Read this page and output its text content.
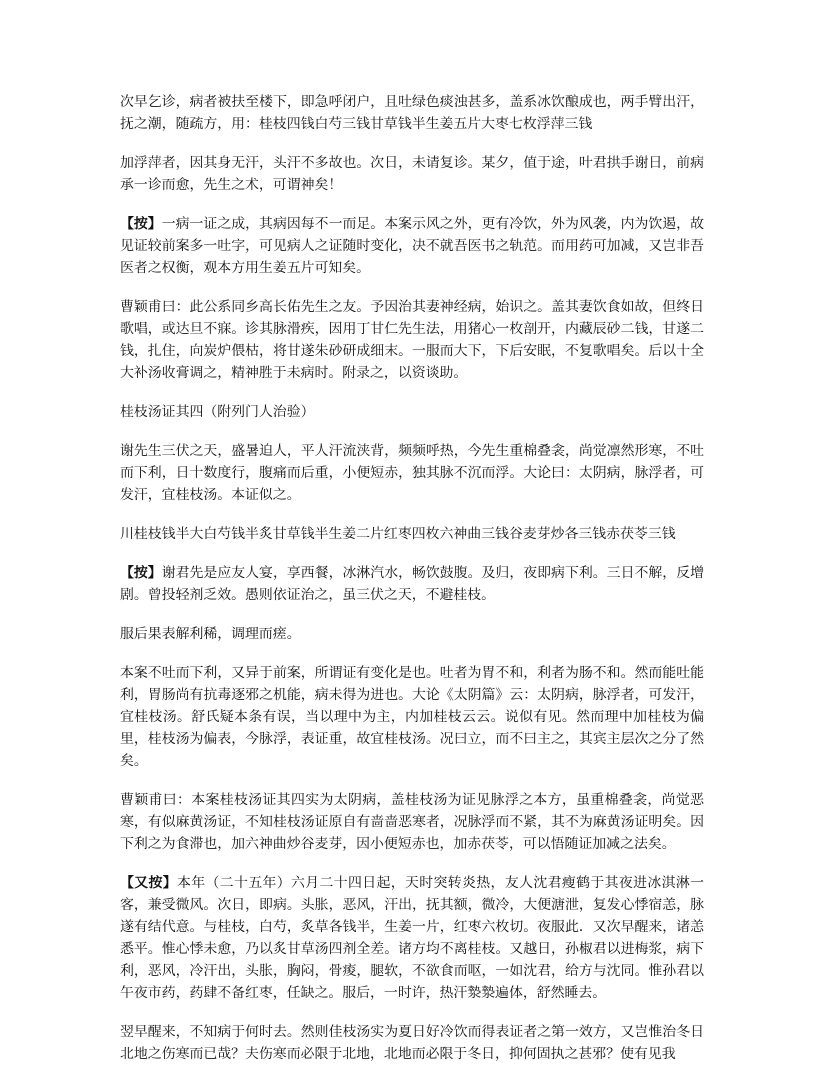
次早乞诊，病者被扶至楼下，即急呼闭户，且吐绿色痰浊甚多，盖系冰饮酿成也，两手臂出汗，抚之潮，随疏方，用：桂枝四钱白芍三钱甘草钱半生姜五片大枣七枚浮萍三钱

加浮萍者，因其身无汗，头汗不多故也。次日，未请复诊。某夕，值于途，叶君拱手谢日，前病承一诊而愈，先生之术，可谓神矣！

【按】一病一证之成，其病因每不一而足。本案示风之外，更有冷饮，外为风袭，内为饮遏，故见证较前案多一吐字，可见病人之证随时变化，决不就吾医书之轨范。而用药可加减，又岂非吾医者之权衡，观本方用生姜五片可知矣。

曹颖甫曰：此公系同乡高长佑先生之友。予因治其妻神经病，始识之。盖其妻饮食如故，但终日歌唱，或达旦不寐。诊其脉滑疾，因用丁甘仁先生法，用猪心一枚剖开，内藏辰砂二钱，甘遂二钱，扎住，向炭炉偎枯，将甘遂朱砂研成细末。一服而大下，下后安眠，不复歌唱矣。后以十全大补汤收膏调之，精神胜于未病时。附录之，以资谈助。

桂枝汤证其四（附列门人治验）

谢先生三伏之天，盛暑迫人，平人汗流浃背，频频呼热，今先生重棉叠衾，尚觉凛然形寒，不吐而下利，日十数度行，腹痛而后重，小便短赤，独其脉不沉而浮。大论曰：太阴病，脉浮者，可发汗，宜桂枝汤。本证似之。

川桂枝钱半大白芍钱半炙甘草钱半生姜二片红枣四枚六神曲三钱谷麦芽炒各三钱赤茯苓三钱

【按】谢君先是应友人宴，享西餐，冰淋汽水，畅饮鼓腹。及归，夜即病下利。三日不解，反增剧。曾投轻剂乏效。愚则依证治之，虽三伏之天，不避桂枝。

服后果表解利稀，调理而瘥。

本案不吐而下利，又异于前案，所谓证有变化是也。吐者为胃不和，利者为肠不和。然而能吐能利，胃肠尚有抗毒逐邪之机能，病未得为进也。大论《太阴篇》云：太阴病，脉浮者，可发汗，宜桂枝汤。舒氏疑本条有误，当以理中为主，内加桂枝云云。说似有见。然而理中加桂枝为偏里，桂枝汤为偏表，今脉浮，表证重，故宜桂枝汤。况曰立，而不曰主之，其宾主层次之分了然矣。

曹颖甫曰：本案桂枝汤证其四实为太阴病，盖桂枝汤为证见脉浮之本方，虽重棉叠衾，尚觉恶寒，有似麻黄汤证，不知桂枝汤证原自有啬啬恶寒者，况脉浮而不紧，其不为麻黄汤证明矣。因下利之为食滞也，加六神曲炒谷麦芽，因小便短赤也，加赤茯苓，可以悟随证加减之法矣。

【又按】本年（二十五年）六月二十四日起，天时突转炎热，友人沈君瘦鹤于其夜进冰淇淋一客，兼受微风。次日，即病。头胀，恶风，汗出，抚其额，微冷，大便溏泄，复发心悸宿恙，脉遂有结代意。与桂枝，白芍，炙草各钱半，生姜一片，红枣六枚切。夜服此．又次早醒来，诸恙悉平。惟心悸未愈，乃以炙甘草汤四剂全差。诸方均不离桂枝。又越日，孙椒君以进梅浆，病下利，恶风，冷汗出，头胀，胸闷，骨痠，腿软，不欲食而呕，一如沈君，给方与沈同。惟孙君以午夜市药，药肆不备红枣，任缺之。服后，一时许，热汗漐漐遍体，舒然睡去。

翌早醒来，不知病于何时去。然则佳枝汤实为夏日好冷饮而得表证者之第一效方，又岂惟治冬日北地之伤寒而已哉？夫伤寒而必限于北地，北地而必限于冬日，抑何固执之甚邪？使有见我
